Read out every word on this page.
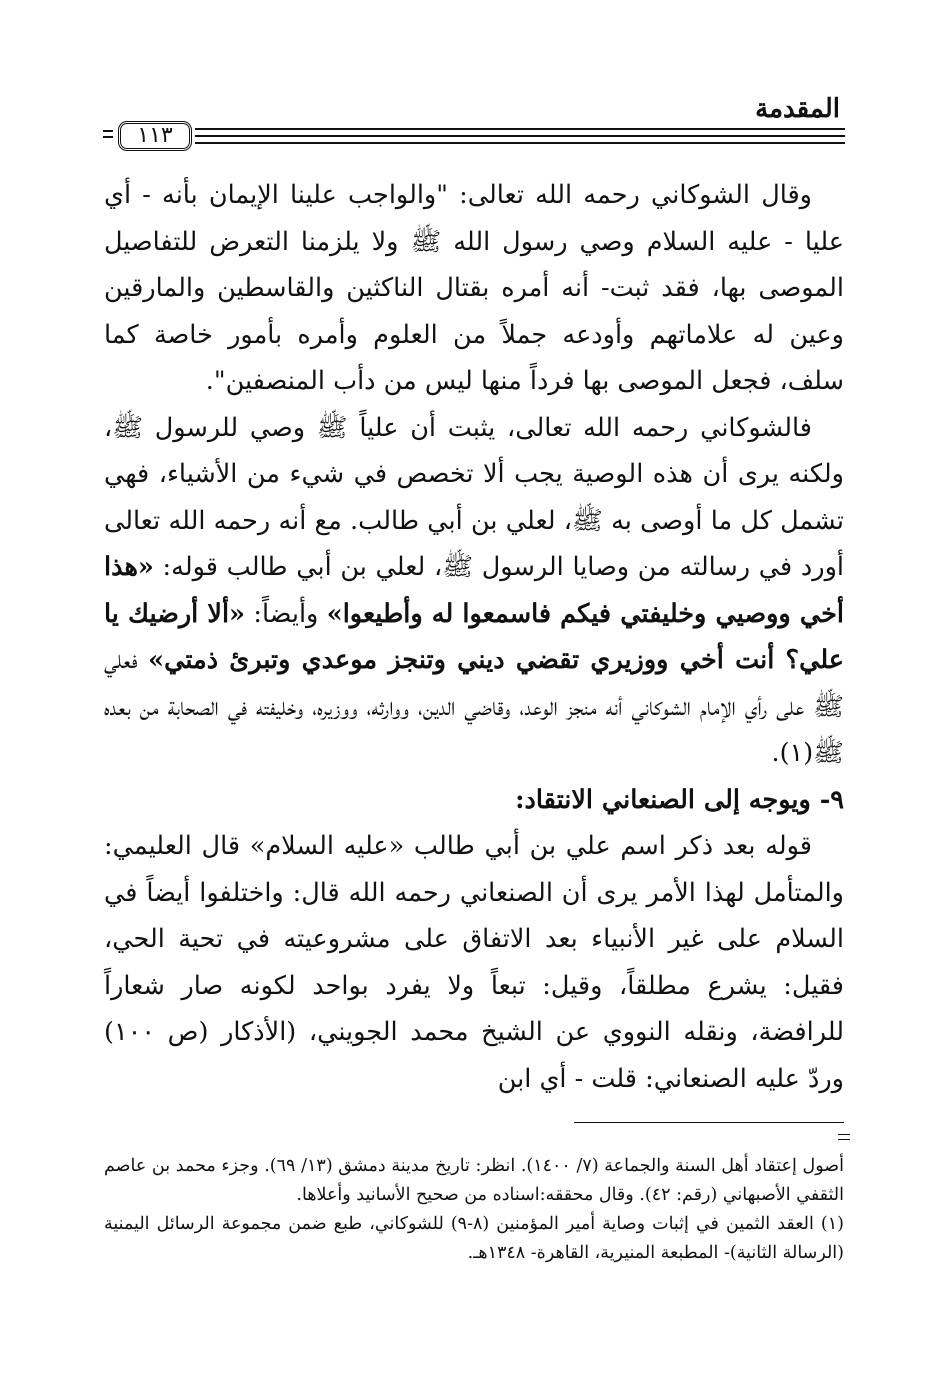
المقدمة
١١٣

وقال الشوكاني رحمه الله تعالى: "والواجب علينا الإيمان بأنه - أي عليا - عليه السلام وصي رسول الله ﷺ ولا يلزمنا التعرض للتفاصيل الموصى بها، فقد ثبت- أنه أمره بقتال الناكثين والقاسطين والمارقين وعين له علاماتهم وأودعه جملاً من العلوم وأمره بأمور خاصة كما سلف، فجعل الموصى بها فرداً منها ليس من دأب المنصفين".

فالشوكاني رحمه الله تعالى، يثبت أن علياً ﷺ وصي للرسول ﷺ، ولكنه يرى أن هذه الوصية يجب ألا تخصص في شيء من الأشياء، فهي تشمل كل ما أوصى به ﷺ، لعلي بن أبي طالب. مع أنه رحمه الله تعالى أورد في رسالته من وصايا الرسول ﷺ، لعلي بن أبي طالب قوله: «هذا أخي ووصيي وخليفتي فيكم فاسمعوا له وأطيعوا» وأيضاً: «ألا أرضيك يا علي؟ أنت أخي ووزيري تقضي ديني وتنجز موعدي وتبرئ ذمتي» فعلي ﷺ على رأي الإمام الشوكاني أنه منجز الوعد، وقاضي الدين، ووارثه، ووزيره، وخليفته في الصحابة من بعده ﷺ(١).

٩- ويوجه إلى الصنعاني الانتقاد:

قوله بعد ذكر اسم علي بن أبي طالب «عليه السلام» قال العليمي: والمتأمل لهذا الأمر يرى أن الصنعاني رحمه الله قال: واختلفوا أيضاً في السلام على غير الأنبياء بعد الاتفاق على مشروعيته في تحية الحي، فقيل: يشرع مطلقاً، وقيل: تبعاً ولا يفرد بواحد لكونه صار شعاراً للرافضة، ونقله النووي عن الشيخ محمد الجويني، (الأذكار (ص ١٠٠) وردّ عليه الصنعاني: قلت - أي ابن

أصول إعتقاد أهل السنة والجماعة (٧/ ١٤٠٠). انظر: تاريخ مدينة دمشق (١٣/ ٦٩). وجزء محمد بن عاصم الثقفي الأصبهاني (رقم: ٤٢). وقال محققه:اسناده من صحيح الأسانيد وأعلاها.

(١) العقد الثمين في إثبات وصاية أمير المؤمنين (٨-٩) للشوكاني، طبع ضمن مجموعة الرسائل اليمنية (الرسالة الثانية)- المطبعة المنيرية، القاهرة- ١٣٤٨هـ.
